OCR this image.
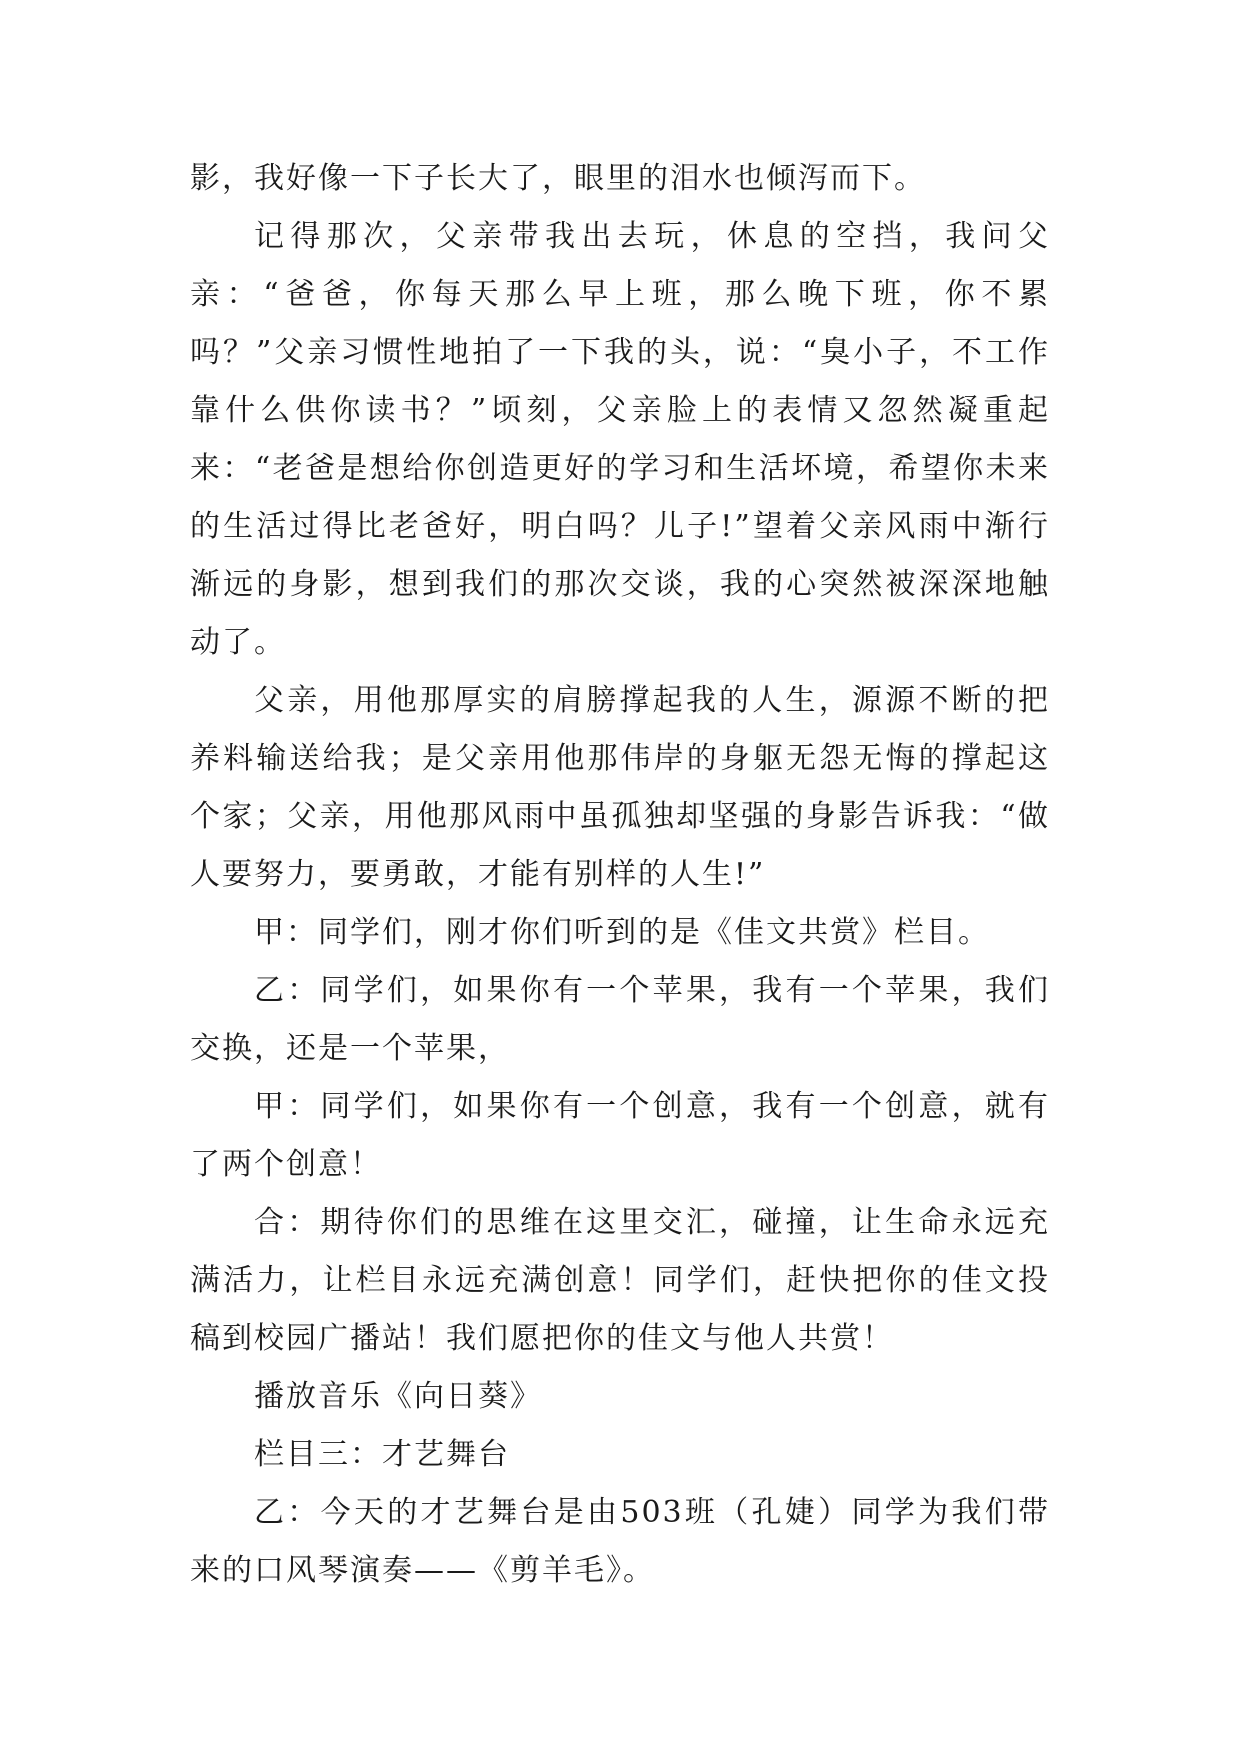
影，我好像一下子长大了，眼里的泪水也倾泻而下。

记得那次，父亲带我出去玩，休息的空挡，我问父亲：“爸爸，你每天那么早上班，那么晚下班，你不累吗？”父亲习惯性地拍了一下我的头，说：“臭小子，不工作靠什么供你读书？”顷刻，父亲脸上的表情又忽然凝重起来：“老爸是想给你创造更好的学习和生活坏境，希望你未来的生活过得比老爸好，明白吗？儿子!”望着父亲风雨中渐行渐远的身影，想到我们的那次交谈，我的心突然被深深地触动了。

父亲，用他那厚实的肩膀撑起我的人生，源源不断的把养料输送给我；是父亲用他那伟岸的身躯无怨无悔的撑起这个家；父亲，用他那风雨中虽孤独却坚强的身影告诉我：“做人要努力，要勇敢，才能有别样的人生!”

甲：同学们，刚才你们听到的是《佳文共赏》栏目。

乙：同学们，如果你有一个苹果，我有一个苹果，我们交换，还是一个苹果，

甲：同学们，如果你有一个创意，我有一个创意，就有了两个创意！

合：期待你们的思维在这里交汇，碰撞，让生命永远充满活力，让栏目永远充满创意！同学们，赶快把你的佳文投稿到校园广播站！我们愿把你的佳文与他人共赏！

播放音乐《向日葵》

栏目三：才艺舞台

乙：今天的才艺舞台是由503班（孔婕）同学为我们带来的口风琴演奏——《剪羊毛》。
